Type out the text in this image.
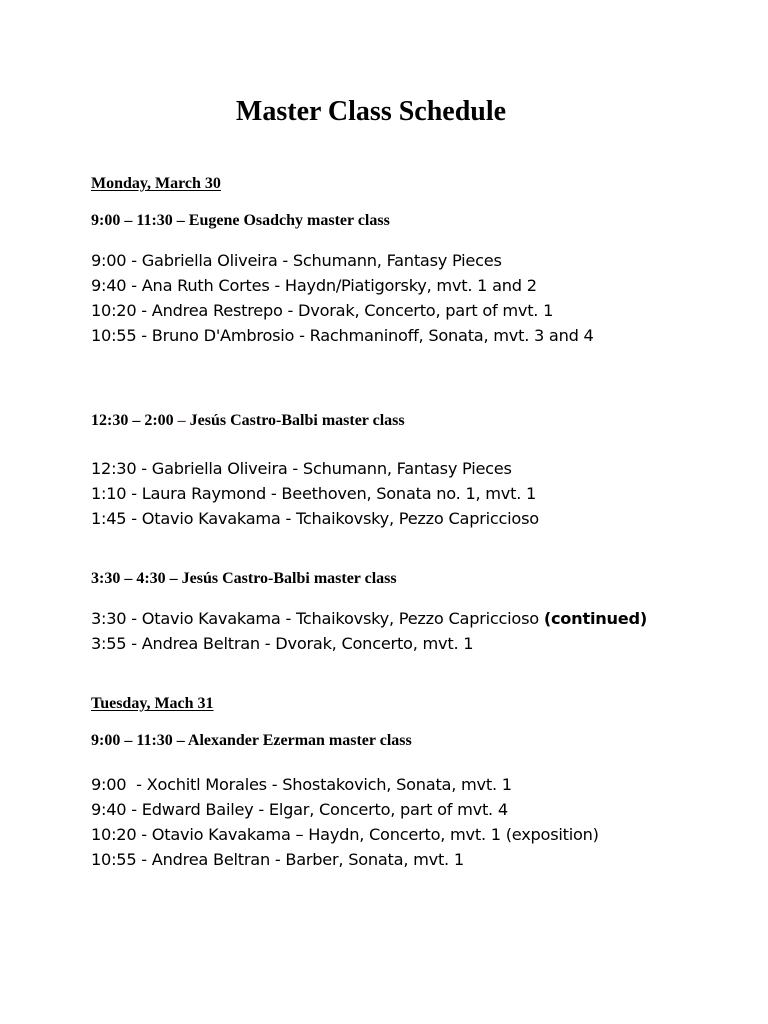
Master Class Schedule
Monday, March 30
9:00 – 11:30 – Eugene Osadchy master class
9:00 - Gabriella Oliveira - Schumann, Fantasy Pieces
9:40 - Ana Ruth Cortes - Haydn/Piatigorsky, mvt. 1 and 2
10:20 - Andrea Restrepo - Dvorak, Concerto, part of mvt. 1
10:55 - Bruno D'Ambrosio - Rachmaninoff, Sonata, mvt. 3 and 4
12:30 – 2:00 – Jesús Castro-Balbi master class
12:30 - Gabriella Oliveira - Schumann, Fantasy Pieces
1:10 - Laura Raymond - Beethoven, Sonata no. 1, mvt. 1
1:45 - Otavio Kavakama - Tchaikovsky, Pezzo Capriccioso
3:30 – 4:30 – Jesús Castro-Balbi master class
3:30 - Otavio Kavakama - Tchaikovsky, Pezzo Capriccioso (continued)
3:55 - Andrea Beltran - Dvorak, Concerto, mvt. 1
Tuesday, Mach 31
9:00 – 11:30 – Alexander Ezerman master class
9:00  - Xochitl Morales - Shostakovich, Sonata, mvt. 1
9:40 - Edward Bailey - Elgar, Concerto, part of mvt. 4
10:20 - Otavio Kavakama – Haydn, Concerto, mvt. 1 (exposition)
10:55 - Andrea Beltran - Barber, Sonata, mvt. 1
